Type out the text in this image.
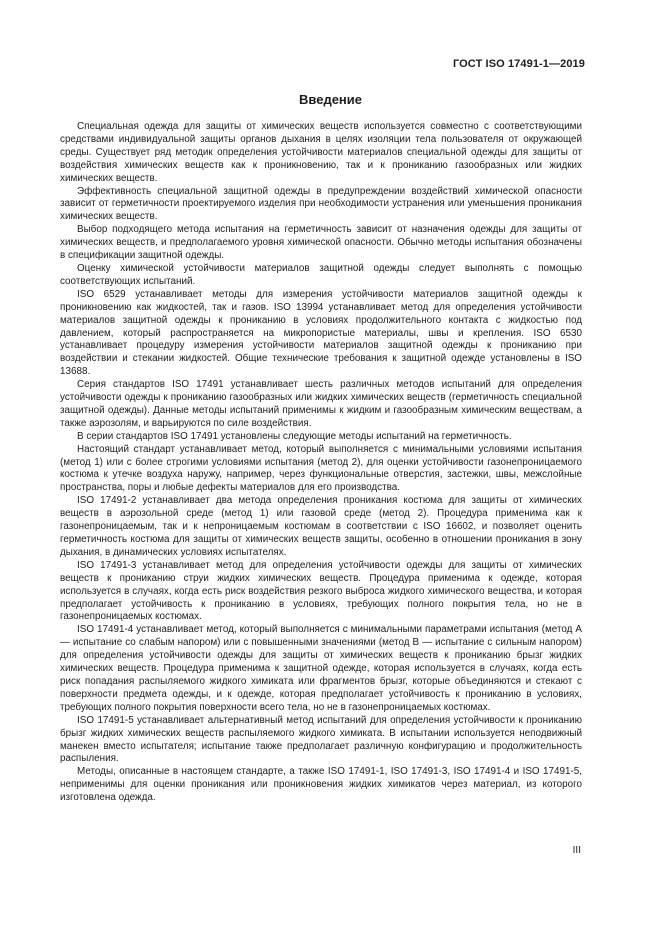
ГОСТ ISO 17491-1—2019
Введение

Специальная одежда для защиты от химических веществ используется совместно с соответствующими средствами индивидуальной защиты органов дыхания в целях изоляции тела пользователя от окружающей среды. Существует ряд методик определения устойчивости материалов специальной одежды для защиты от воздействия химических веществ как к проникновению, так и к прониканию газообразных или жидких химических веществ.

Эффективность специальной защитной одежды в предупреждении воздействий химической опасности зависит от герметичности проектируемого изделия при необходимости устранения или уменьшения проникания химических веществ.

Выбор подходящего метода испытания на герметичность зависит от назначения одежды для защиты от химических веществ, и предполагаемого уровня химической опасности. Обычно методы испытания обозначены в спецификации защитной одежды.

Оценку химической устойчивости материалов защитной одежды следует выполнять с помощью соответствующих испытаний.

ISO 6529 устанавливает методы для измерения устойчивости материалов защитной одежды к проникновению как жидкостей, так и газов. ISO 13994 устанавливает метод для определения устойчивости материалов защитной одежды к прониканию в условиях продолжительного контакта с жидкостью под давлением, который распространяется на микропористые материалы, швы и крепления. ISO 6530 устанавливает процедуру измерения устойчивости материалов защитной одежды к прониканию при воздействии и стекании жидкостей. Общие технические требования к защитной одежде установлены в ISO 13688.

Серия стандартов ISO 17491 устанавливает шесть различных методов испытаний для определения устойчивости одежды к прониканию газообразных или жидких химических веществ (герметичность специальной защитной одежды). Данные методы испытаний применимы к жидким и газообразным химическим веществам, а также аэрозолям, и варьируются по силе воздействия.

В серии стандартов ISO 17491 установлены следующие методы испытаний на герметичность.

Настоящий стандарт устанавливает метод, который выполняется с минимальными условиями испытания (метод 1) или с более строгими условиями испытания (метод 2), для оценки устойчивости газонепроницаемого костюма к утечке воздуха наружу, например, через функциональные отверстия, застежки, швы, межслойные пространства, поры и любые дефекты материалов для его производства.

ISO 17491-2 устанавливает два метода определения проникания костюма для защиты от химических веществ в аэрозольной среде (метод 1) или газовой среде (метод 2). Процедура применима как к газонепроницаемым, так и к непроницаемым костюмам в соответствии с ISO 16602, и позволяет оценить герметичность костюма для защиты от химических веществ защиты, особенно в отношении проникания в зону дыхания, в динамических условиях испытателях.

ISO 17491-3 устанавливает метод для определения устойчивости одежды для защиты от химических веществ к прониканию струи жидких химических веществ. Процедура применима к одежде, которая используется в случаях, когда есть риск воздействия резкого выброса жидкого химического вещества, и которая предполагает устойчивость к прониканию в условиях, требующих полного покрытия тела, но не в газонепроницаемых костюмах.

ISO 17491-4 устанавливает метод, который выполняется с минимальными параметрами испытания (метод А — испытание со слабым напором) или с повышенными значениями (метод В — испытание с сильным напором) для определения устойчивости одежды для защиты от химических веществ к прониканию брызг жидких химических веществ. Процедура применима к защитной одежде, которая используется в случаях, когда есть риск попадания распыляемого жидкого химиката или фрагментов брызг, которые объединяются и стекают с поверхности предмета одежды, и к одежде, которая предполагает устойчивость к прониканию в условиях, требующих полного покрытия поверхности всего тела, но не в газонепроницаемых костюмах.

ISO 17491-5 устанавливает альтернативный метод испытаний для определения устойчивости к прониканию брызг жидких химических веществ распыляемого жидкого химиката. В испытании используется неподвижный манекен вместо испытателя; испытание также предполагает различную конфигурацию и продолжительность распыления.

Методы, описанные в настоящем стандарте, а также ISO 17491-1, ISO 17491-3, ISO 17491-4 и ISO 17491-5, неприменимы для оценки проникания или проникновения жидких химикатов через материал, из которого изготовлена одежда.

III
